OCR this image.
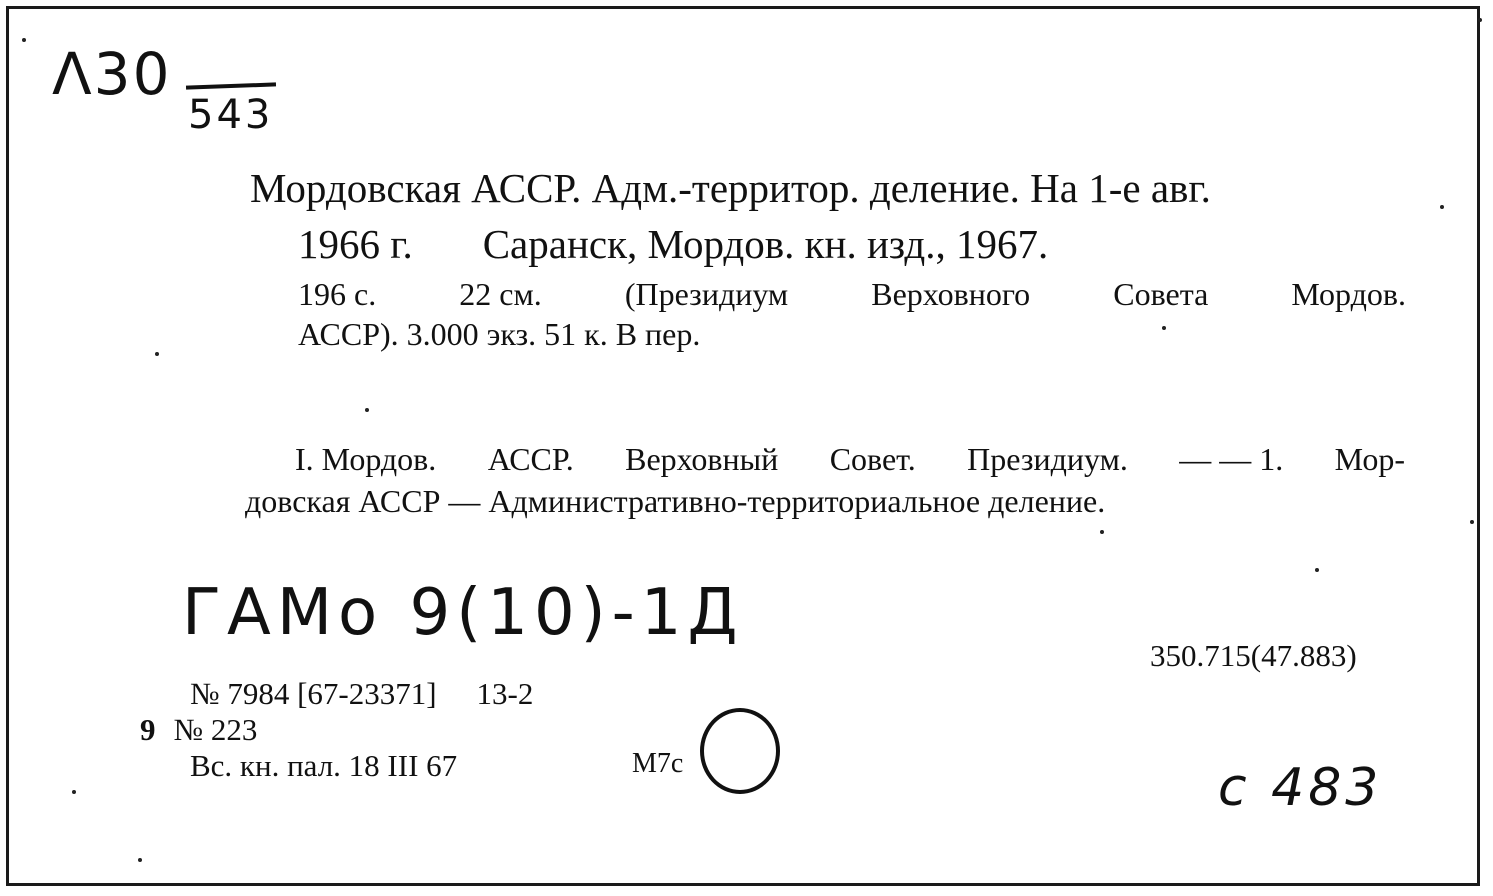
Λ30
543
Мордовская АССР. Адм.-территор. деление. На 1-е авг.
1966 г. Саранск, Мордов. кн. изд., 1967.
196 с.	22 см.	(Президиум	Верховного	Совета	Мордов.
АССР). 3.000 экз. 51 к. В пер.
I. Мордов. АССР. Верховный Совет. Президиум. — — 1. Мор-
довская АССР — Административно-территориальное деление.
ГАМо 9(10)-1Д
350.715(47.883)
№ 7984 [67-23371] 13-2
9 № 223
Вс. кн. пал. 18 III 67	М7с	с 483
